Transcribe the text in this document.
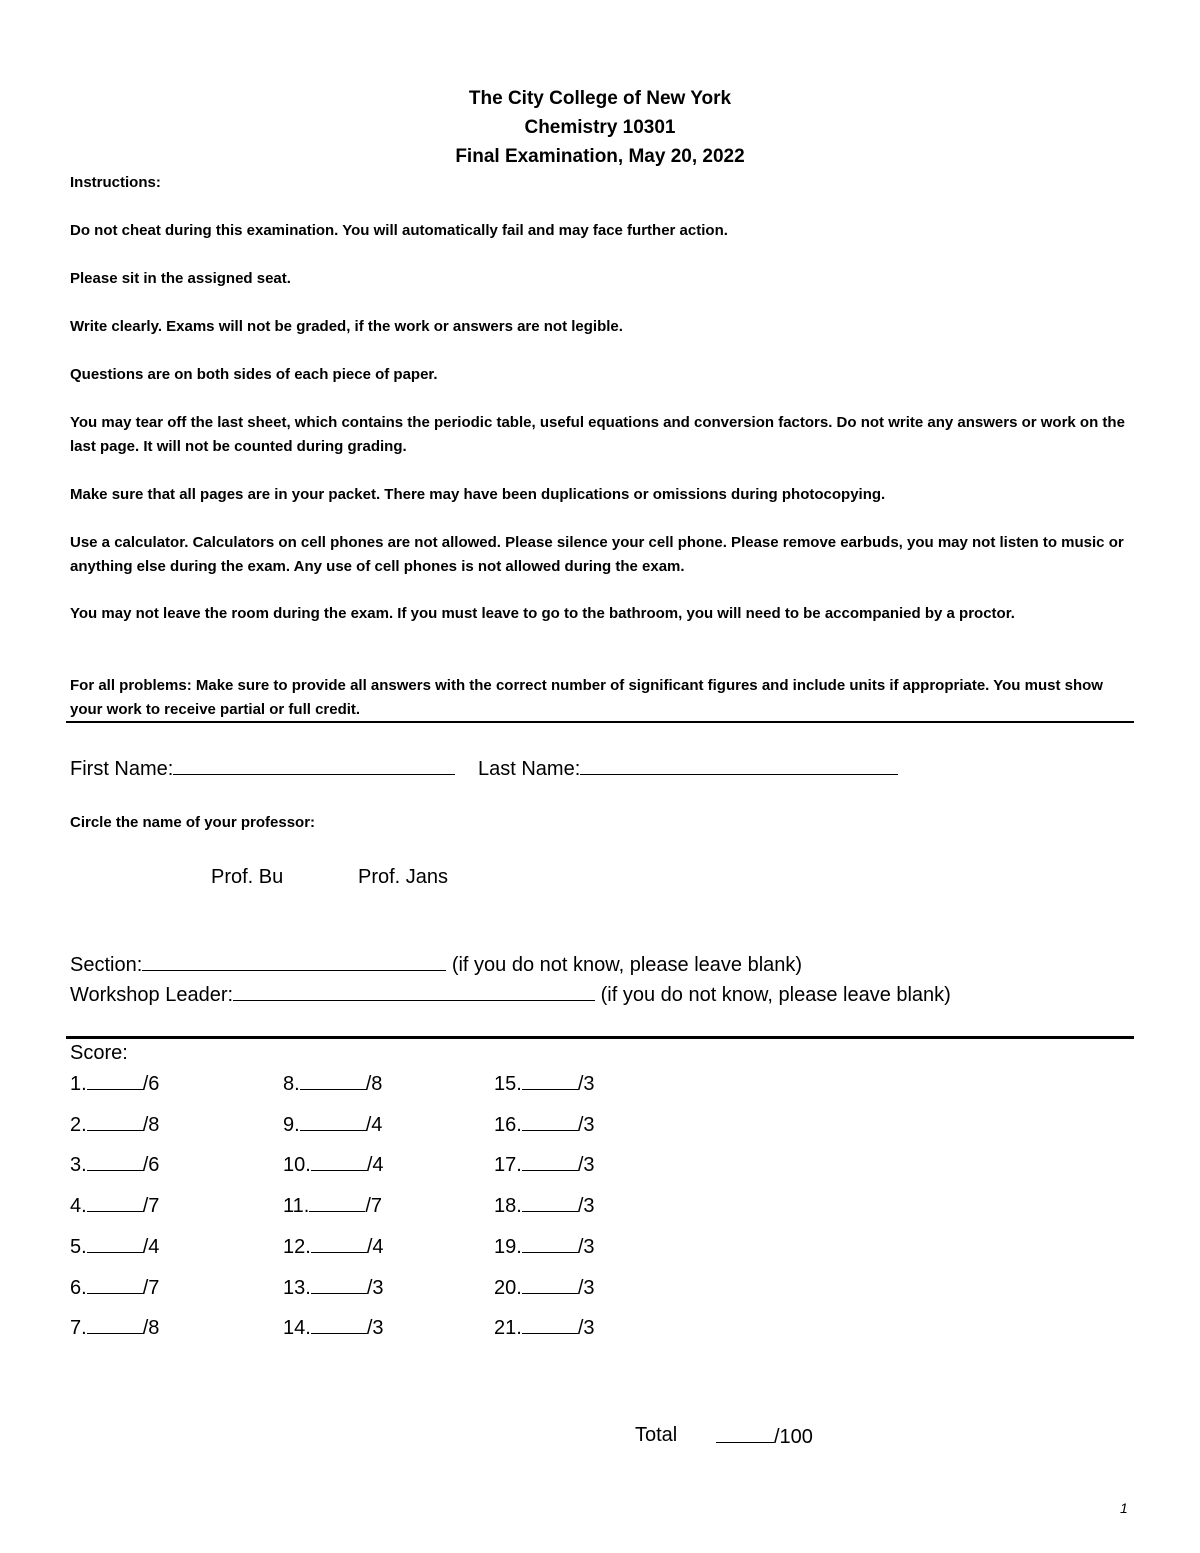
The City College of New York
Chemistry 10301
Final Examination, May 20, 2022
Instructions:
Do not cheat during this examination. You will automatically fail and may face further action.
Please sit in the assigned seat.
Write clearly. Exams will not be graded, if the work or answers are not legible.
Questions are on both sides of each piece of paper.
You may tear off the last sheet, which contains the periodic table, useful equations and conversion factors. Do not write any answers or work on the last page. It will not be counted during grading.
Make sure that all pages are in your packet. There may have been duplications or omissions during photocopying.
Use a calculator. Calculators on cell phones are not allowed. Please silence your cell phone. Please remove earbuds, you may not listen to music or anything else during the exam. Any use of cell phones is not allowed during the exam.
You may not leave the room during the exam. If you must leave to go to the bathroom, you will need to be accompanied by a proctor.
For all problems: Make sure to provide all answers with the correct number of significant figures and include units if appropriate. You must show your work to receive partial or full credit.
First Name:	Last Name:
Circle the name of your professor:
Prof. Bu	Prof. Jans
Section:	(if you do not know, please leave blank)
Workshop Leader:	(if you do not know, please leave blank)
Score:
1.	/6
2.	/8
3.	/6
4.	/7
5.	/4
6.	/7
7.	/8
8.	/8
9.	/4
10.	/4
11.	/7
12.	/4
13.	/3
14.	/3
15.	/3
16.	/3
17.	/3
18.	/3
19.	/3
20.	/3
21.	/3
Total	/100
1
